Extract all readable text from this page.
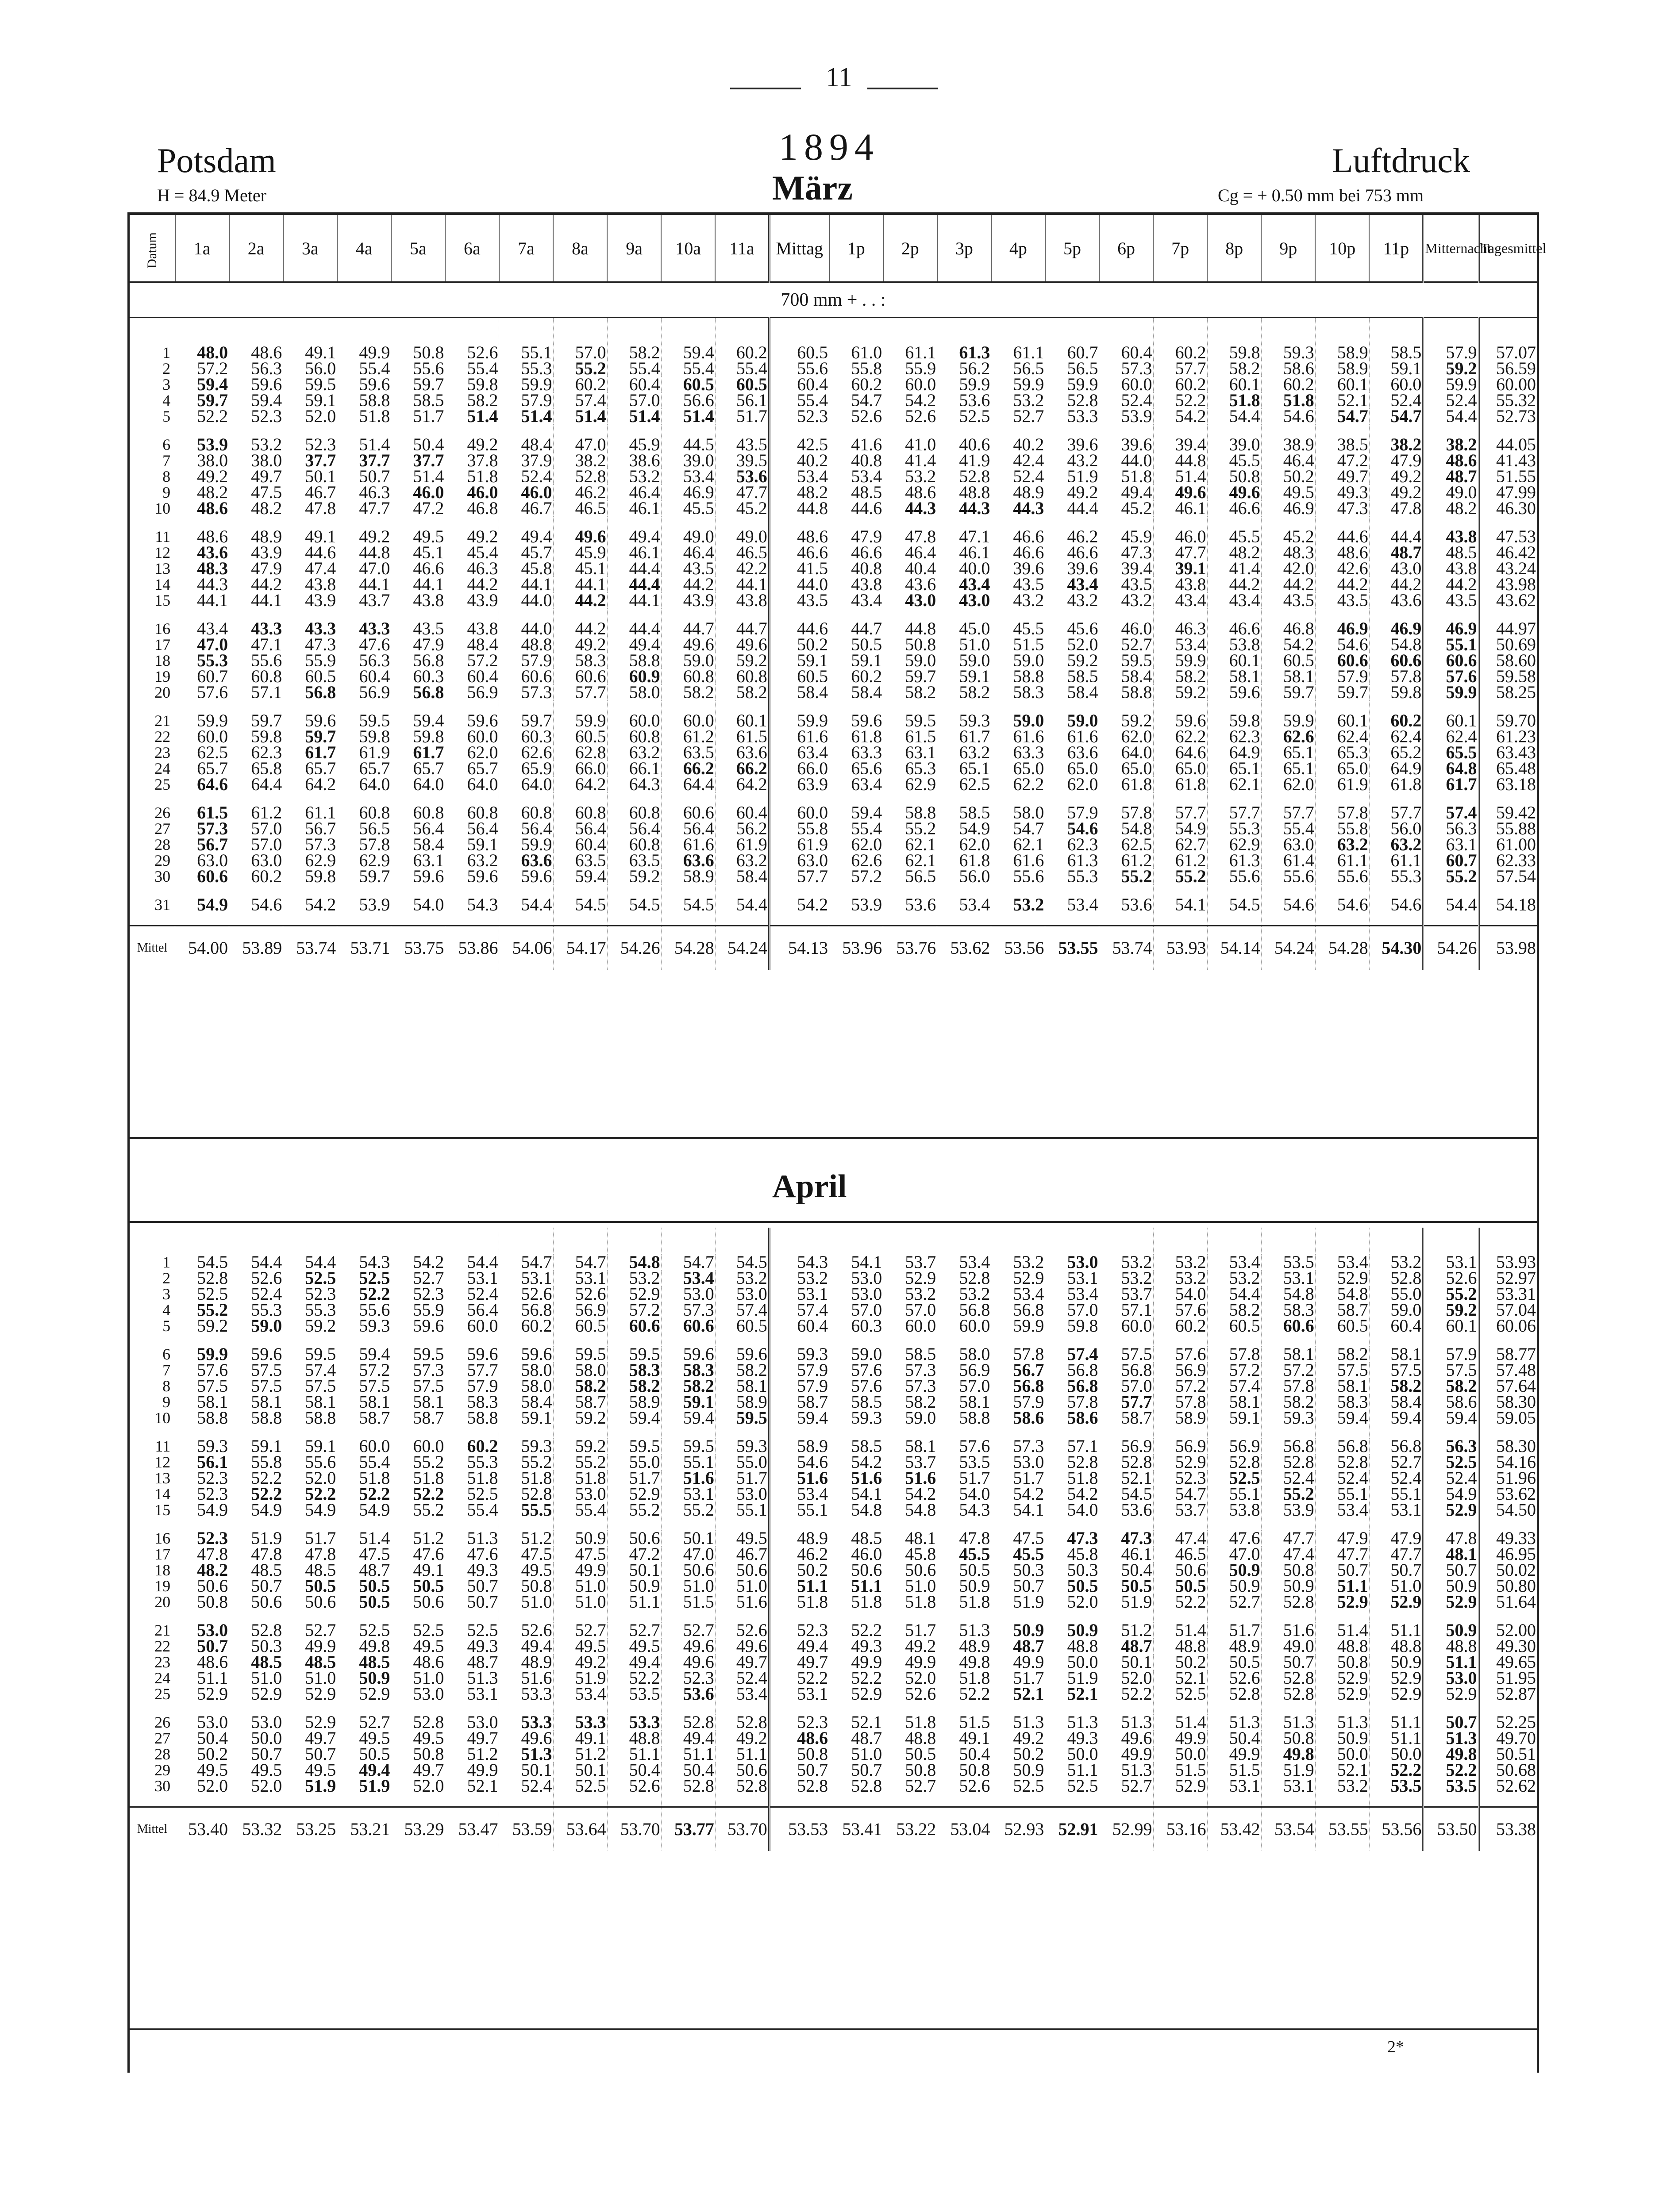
11
Potsdam
H = 84.9 Meter
1894
März
Luftdruck
Cg = + 0.50 mm bei 753 mm
Datum	1a	2a	3a	4a	5a	6a	7a	8a	9a	10a	11a	Mittag	1p	2p	3p	4p	5p	6p	7p	8p	9p	10p	11p	Mitternacht	Tagesmittel
700 mm + . . :																									

1	48.0	48.6	49.1	49.9	50.8	52.6	55.1	57.0	58.2	59.4	60.2	60.5	61.0	61.1	61.3	61.1	60.7	60.4	60.2	59.8	59.3	58.9	58.5	57.9	57.07
2	57.2	56.3	56.0	55.4	55.6	55.4	55.3	55.2	55.4	55.4	55.4	55.6	55.8	55.9	56.2	56.5	56.5	57.3	57.7	58.2	58.6	58.9	59.1	59.2	56.59
3	59.4	59.6	59.5	59.6	59.7	59.8	59.9	60.2	60.4	60.5	60.5	60.4	60.2	60.0	59.9	59.9	59.9	60.0	60.2	60.1	60.2	60.1	60.0	59.9	60.00
4	59.7	59.4	59.1	58.8	58.5	58.2	57.9	57.4	57.0	56.6	56.1	55.4	54.7	54.2	53.6	53.2	52.8	52.4	52.2	51.8	51.8	52.1	52.4	52.4	55.32
5	52.2	52.3	52.0	51.8	51.7	51.4	51.4	51.4	51.4	51.4	51.7	52.3	52.6	52.6	52.5	52.7	53.3	53.9	54.2	54.4	54.6	54.7	54.7	54.4	52.73

6	53.9	53.2	52.3	51.4	50.4	49.2	48.4	47.0	45.9	44.5	43.5	42.5	41.6	41.0	40.6	40.2	39.6	39.6	39.4	39.0	38.9	38.5	38.2	38.2	44.05
7	38.0	38.0	37.7	37.7	37.7	37.8	37.9	38.2	38.6	39.0	39.5	40.2	40.8	41.4	41.9	42.4	43.2	44.0	44.8	45.5	46.4	47.2	47.9	48.6	41.43
8	49.2	49.7	50.1	50.7	51.4	51.8	52.4	52.8	53.2	53.4	53.6	53.4	53.4	53.2	52.8	52.4	51.9	51.8	51.4	50.8	50.2	49.7	49.2	48.7	51.55
9	48.2	47.5	46.7	46.3	46.0	46.0	46.0	46.2	46.4	46.9	47.7	48.2	48.5	48.6	48.8	48.9	49.2	49.4	49.6	49.6	49.5	49.3	49.2	49.0	47.99
10	48.6	48.2	47.8	47.7	47.2	46.8	46.7	46.5	46.1	45.5	45.2	44.8	44.6	44.3	44.3	44.3	44.4	45.2	46.1	46.6	46.9	47.3	47.8	48.2	46.30

11	48.6	48.9	49.1	49.2	49.5	49.2	49.4	49.6	49.4	49.0	49.0	48.6	47.9	47.8	47.1	46.6	46.2	45.9	46.0	45.5	45.2	44.6	44.4	43.8	47.53
12	43.6	43.9	44.6	44.8	45.1	45.4	45.7	45.9	46.1	46.4	46.5	46.6	46.6	46.4	46.1	46.6	46.6	47.3	47.7	48.2	48.3	48.6	48.7	48.5	46.42
13	48.3	47.9	47.4	47.0	46.6	46.3	45.8	45.1	44.4	43.5	42.2	41.5	40.8	40.4	40.0	39.6	39.6	39.4	39.1	41.4	42.0	42.6	43.0	43.8	43.24
14	44.3	44.2	43.8	44.1	44.1	44.2	44.1	44.1	44.4	44.2	44.1	44.0	43.8	43.6	43.4	43.5	43.4	43.5	43.8	44.2	44.2	44.2	44.2	44.2	43.98
15	44.1	44.1	43.9	43.7	43.8	43.9	44.0	44.2	44.1	43.9	43.8	43.5	43.4	43.0	43.0	43.2	43.2	43.2	43.4	43.4	43.5	43.5	43.6	43.5	43.62

16	43.4	43.3	43.3	43.3	43.5	43.8	44.0	44.2	44.4	44.7	44.7	44.6	44.7	44.8	45.0	45.5	45.6	46.0	46.3	46.6	46.8	46.9	46.9	46.9	44.97
17	47.0	47.1	47.3	47.6	47.9	48.4	48.8	49.2	49.4	49.6	49.6	50.2	50.5	50.8	51.0	51.5	52.0	52.7	53.4	53.8	54.2	54.6	54.8	55.1	50.69
18	55.3	55.6	55.9	56.3	56.8	57.2	57.9	58.3	58.8	59.0	59.2	59.1	59.1	59.0	59.0	59.0	59.2	59.5	59.9	60.1	60.5	60.6	60.6	60.6	58.60
19	60.7	60.8	60.5	60.4	60.3	60.4	60.6	60.6	60.9	60.8	60.8	60.5	60.2	59.7	59.1	58.8	58.5	58.4	58.2	58.1	58.1	57.9	57.8	57.6	59.58
20	57.6	57.1	56.8	56.9	56.8	56.9	57.3	57.7	58.0	58.2	58.2	58.4	58.4	58.2	58.2	58.3	58.4	58.8	59.2	59.6	59.7	59.7	59.8	59.9	58.25

21	59.9	59.7	59.6	59.5	59.4	59.6	59.7	59.9	60.0	60.0	60.1	59.9	59.6	59.5	59.3	59.0	59.0	59.2	59.6	59.8	59.9	60.1	60.2	60.1	59.70
22	60.0	59.8	59.7	59.8	59.8	60.0	60.3	60.5	60.8	61.2	61.5	61.6	61.8	61.5	61.7	61.6	61.6	62.0	62.2	62.3	62.6	62.4	62.4	62.4	61.23
23	62.5	62.3	61.7	61.9	61.7	62.0	62.6	62.8	63.2	63.5	63.6	63.4	63.3	63.1	63.2	63.3	63.6	64.0	64.6	64.9	65.1	65.3	65.2	65.5	63.43
24	65.7	65.8	65.7	65.7	65.7	65.7	65.9	66.0	66.1	66.2	66.2	66.0	65.6	65.3	65.1	65.0	65.0	65.0	65.0	65.1	65.1	65.0	64.9	64.8	65.48
25	64.6	64.4	64.2	64.0	64.0	64.0	64.0	64.2	64.3	64.4	64.2	63.9	63.4	62.9	62.5	62.2	62.0	61.8	61.8	62.1	62.0	61.9	61.8	61.7	63.18

26	61.5	61.2	61.1	60.8	60.8	60.8	60.8	60.8	60.8	60.6	60.4	60.0	59.4	58.8	58.5	58.0	57.9	57.8	57.7	57.7	57.7	57.8	57.7	57.4	59.42
27	57.3	57.0	56.7	56.5	56.4	56.4	56.4	56.4	56.4	56.4	56.2	55.8	55.4	55.2	54.9	54.7	54.6	54.8	54.9	55.3	55.4	55.8	56.0	56.3	55.88
28	56.7	57.0	57.3	57.8	58.4	59.1	59.9	60.4	60.8	61.6	61.9	61.9	62.0	62.1	62.0	62.1	62.3	62.5	62.7	62.9	63.0	63.2	63.2	63.1	61.00
29	63.0	63.0	62.9	62.9	63.1	63.2	63.6	63.5	63.5	63.6	63.2	63.0	62.6	62.1	61.8	61.6	61.3	61.2	61.2	61.3	61.4	61.1	61.1	60.7	62.33
30	60.6	60.2	59.8	59.7	59.6	59.6	59.6	59.4	59.2	58.9	58.4	57.7	57.2	56.5	56.0	55.6	55.3	55.2	55.2	55.6	55.6	55.6	55.3	55.2	57.54

31	54.9	54.6	54.2	53.9	54.0	54.3	54.4	54.5	54.5	54.5	54.4	54.2	53.9	53.6	53.4	53.2	53.4	53.6	54.1	54.5	54.6	54.6	54.6	54.4	54.18

Mittel	54.00	53.89	53.74	53.71	53.75	53.86	54.06	54.17	54.26	54.28	54.24	54.13	53.96	53.76	53.62	53.56	53.55	53.74	53.93	54.14	54.24	54.28	54.30	54.26	53.98
April

1	54.5	54.4	54.4	54.3	54.2	54.4	54.7	54.7	54.8	54.7	54.5	54.3	54.1	53.7	53.4	53.2	53.0	53.2	53.2	53.4	53.5	53.4	53.2	53.1	53.93
2	52.8	52.6	52.5	52.5	52.7	53.1	53.1	53.1	53.2	53.4	53.2	53.2	53.0	52.9	52.8	52.9	53.1	53.2	53.2	53.2	53.1	52.9	52.8	52.6	52.97
3	52.5	52.4	52.3	52.2	52.3	52.4	52.6	52.6	52.9	53.0	53.0	53.1	53.0	53.2	53.2	53.4	53.4	53.7	54.0	54.4	54.8	54.8	55.0	55.2	53.31
4	55.2	55.3	55.3	55.6	55.9	56.4	56.8	56.9	57.2	57.3	57.4	57.4	57.0	57.0	56.8	56.8	57.0	57.1	57.6	58.2	58.3	58.7	59.0	59.2	57.04
5	59.2	59.0	59.2	59.3	59.6	60.0	60.2	60.5	60.6	60.6	60.5	60.4	60.3	60.0	60.0	59.9	59.8	60.0	60.2	60.5	60.6	60.5	60.4	60.1	60.06

6	59.9	59.6	59.5	59.4	59.5	59.6	59.6	59.5	59.5	59.6	59.6	59.3	59.0	58.5	58.0	57.8	57.4	57.5	57.6	57.8	58.1	58.2	58.1	57.9	58.77
7	57.6	57.5	57.4	57.2	57.3	57.7	58.0	58.0	58.3	58.3	58.2	57.9	57.6	57.3	56.9	56.7	56.8	56.8	56.9	57.2	57.2	57.5	57.5	57.5	57.48
8	57.5	57.5	57.5	57.5	57.5	57.9	58.0	58.2	58.2	58.2	58.1	57.9	57.6	57.3	57.0	56.8	56.8	57.0	57.2	57.4	57.8	58.1	58.2	58.2	57.64
9	58.1	58.1	58.1	58.1	58.1	58.3	58.4	58.7	58.9	59.1	58.9	58.7	58.5	58.2	58.1	57.9	57.8	57.7	57.8	58.1	58.2	58.3	58.4	58.6	58.30
10	58.8	58.8	58.8	58.7	58.7	58.8	59.1	59.2	59.4	59.4	59.5	59.4	59.3	59.0	58.8	58.6	58.6	58.7	58.9	59.1	59.3	59.4	59.4	59.4	59.05

11	59.3	59.1	59.1	60.0	60.0	60.2	59.3	59.2	59.5	59.5	59.3	58.9	58.5	58.1	57.6	57.3	57.1	56.9	56.9	56.9	56.8	56.8	56.8	56.3	58.30
12	56.1	55.8	55.6	55.4	55.2	55.3	55.2	55.2	55.0	55.1	55.0	54.6	54.2	53.7	53.5	53.0	52.8	52.8	52.9	52.8	52.8	52.8	52.7	52.5	54.16
13	52.3	52.2	52.0	51.8	51.8	51.8	51.8	51.8	51.7	51.6	51.7	51.6	51.6	51.6	51.7	51.7	51.8	52.1	52.3	52.5	52.4	52.4	52.4	52.4	51.96
14	52.3	52.2	52.2	52.2	52.2	52.5	52.8	53.0	52.9	53.1	53.0	53.4	54.1	54.2	54.0	54.2	54.2	54.5	54.7	55.1	55.2	55.1	55.1	54.9	53.62
15	54.9	54.9	54.9	54.9	55.2	55.4	55.5	55.4	55.2	55.2	55.1	55.1	54.8	54.8	54.3	54.1	54.0	53.6	53.7	53.8	53.9	53.4	53.1	52.9	54.50

16	52.3	51.9	51.7	51.4	51.2	51.3	51.2	50.9	50.6	50.1	49.5	48.9	48.5	48.1	47.8	47.5	47.3	47.3	47.4	47.6	47.7	47.9	47.9	47.8	49.33
17	47.8	47.8	47.8	47.5	47.6	47.6	47.5	47.5	47.2	47.0	46.7	46.2	46.0	45.8	45.5	45.5	45.8	46.1	46.5	47.0	47.4	47.7	47.7	48.1	46.95
18	48.2	48.5	48.5	48.7	49.1	49.3	49.5	49.9	50.1	50.6	50.6	50.2	50.6	50.6	50.5	50.3	50.3	50.4	50.6	50.9	50.8	50.7	50.7	50.7	50.02
19	50.6	50.7	50.5	50.5	50.5	50.7	50.8	51.0	50.9	51.0	51.0	51.1	51.1	51.0	50.9	50.7	50.5	50.5	50.5	50.9	50.9	51.1	51.0	50.9	50.80
20	50.8	50.6	50.6	50.5	50.6	50.7	51.0	51.0	51.1	51.5	51.6	51.8	51.8	51.8	51.8	51.9	52.0	51.9	52.2	52.7	52.8	52.9	52.9	52.9	51.64

21	53.0	52.8	52.7	52.5	52.5	52.5	52.6	52.7	52.7	52.7	52.6	52.3	52.2	51.7	51.3	50.9	50.9	51.2	51.4	51.7	51.6	51.4	51.1	50.9	52.00
22	50.7	50.3	49.9	49.8	49.5	49.3	49.4	49.5	49.5	49.6	49.6	49.4	49.3	49.2	48.9	48.7	48.8	48.7	48.8	48.9	49.0	48.8	48.8	48.8	49.30
23	48.6	48.5	48.5	48.5	48.6	48.7	48.9	49.2	49.4	49.6	49.7	49.7	49.9	49.9	49.8	49.9	50.0	50.1	50.2	50.5	50.7	50.8	50.9	51.1	49.65
24	51.1	51.0	51.0	50.9	51.0	51.3	51.6	51.9	52.2	52.3	52.4	52.2	52.2	52.0	51.8	51.7	51.9	52.0	52.1	52.6	52.8	52.9	52.9	53.0	51.95
25	52.9	52.9	52.9	52.9	53.0	53.1	53.3	53.4	53.5	53.6	53.4	53.1	52.9	52.6	52.2	52.1	52.1	52.2	52.5	52.8	52.8	52.9	52.9	52.9	52.87

26	53.0	53.0	52.9	52.7	52.8	53.0	53.3	53.3	53.3	52.8	52.8	52.3	52.1	51.8	51.5	51.3	51.3	51.3	51.4	51.3	51.3	51.3	51.1	50.7	52.25
27	50.4	50.0	49.7	49.5	49.5	49.7	49.6	49.1	48.8	49.4	49.2	48.6	48.7	48.8	49.1	49.2	49.3	49.6	49.9	50.4	50.8	50.9	51.1	51.3	49.70
28	50.2	50.7	50.7	50.5	50.8	51.2	51.3	51.2	51.1	51.1	51.1	50.8	51.0	50.5	50.4	50.2	50.0	49.9	50.0	49.9	49.8	50.0	50.0	49.8	50.51
29	49.5	49.5	49.5	49.4	49.7	49.9	50.1	50.1	50.4	50.4	50.6	50.7	50.7	50.8	50.8	50.9	51.1	51.3	51.5	51.5	51.9	52.1	52.2	52.2	50.68
30	52.0	52.0	51.9	51.9	52.0	52.1	52.4	52.5	52.6	52.8	52.8	52.8	52.8	52.7	52.6	52.5	52.5	52.7	52.9	53.1	53.1	53.2	53.5	53.5	52.62

Mittel	53.40	53.32	53.25	53.21	53.29	53.47	53.59	53.64	53.70	53.77	53.70	53.53	53.41	53.22	53.04	52.93	52.91	52.99	53.16	53.42	53.54	53.55	53.56	53.50	53.38
2*
